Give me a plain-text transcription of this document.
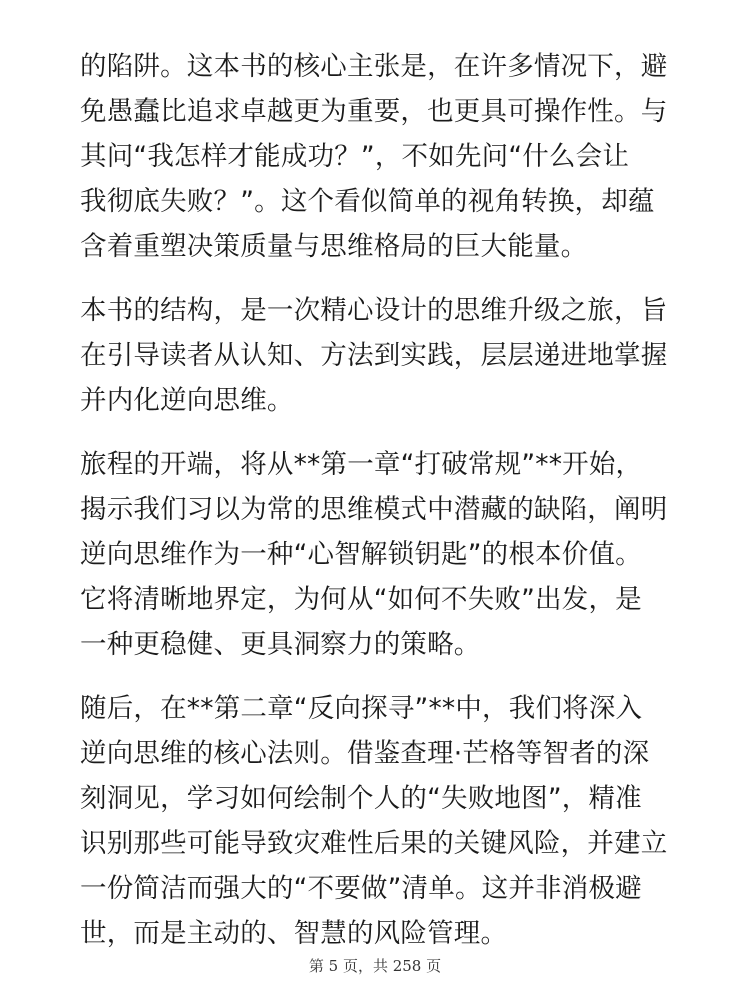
的陷阱。这本书的核心主张是，在许多情况下，避
免愚蠢比追求卓越更为重要，也更具可操作性。与
其问“我怎样才能成功？”，不如先问“什么会让
我彻底失败？”。这个看似简单的视角转换，却蕴
含着重塑决策质量与思维格局的巨大能量。
本书的结构，是一次精心设计的思维升级之旅，旨
在引导读者从认知、方法到实践，层层递进地掌握
并内化逆向思维。
旅程的开端，将从**第一章“打破常规”**开始，
揭示我们习以为常的思维模式中潜藏的缺陷，阐明
逆向思维作为一种“心智解锁钥匙”的根本价值。
它将清晰地界定，为何从“如何不失败”出发，是
一种更稳健、更具洞察力的策略。
随后，在**第二章“反向探寻”**中，我们将深入
逆向思维的核心法则。借鉴查理·芒格等智者的深
刻洞见，学习如何绘制个人的“失败地图”，精准
识别那些可能导致灾难性后果的关键风险，并建立
一份简洁而强大的“不要做”清单。这并非消极避
世，而是主动的、智慧的风险管理。
第 5 页，共 258 页
